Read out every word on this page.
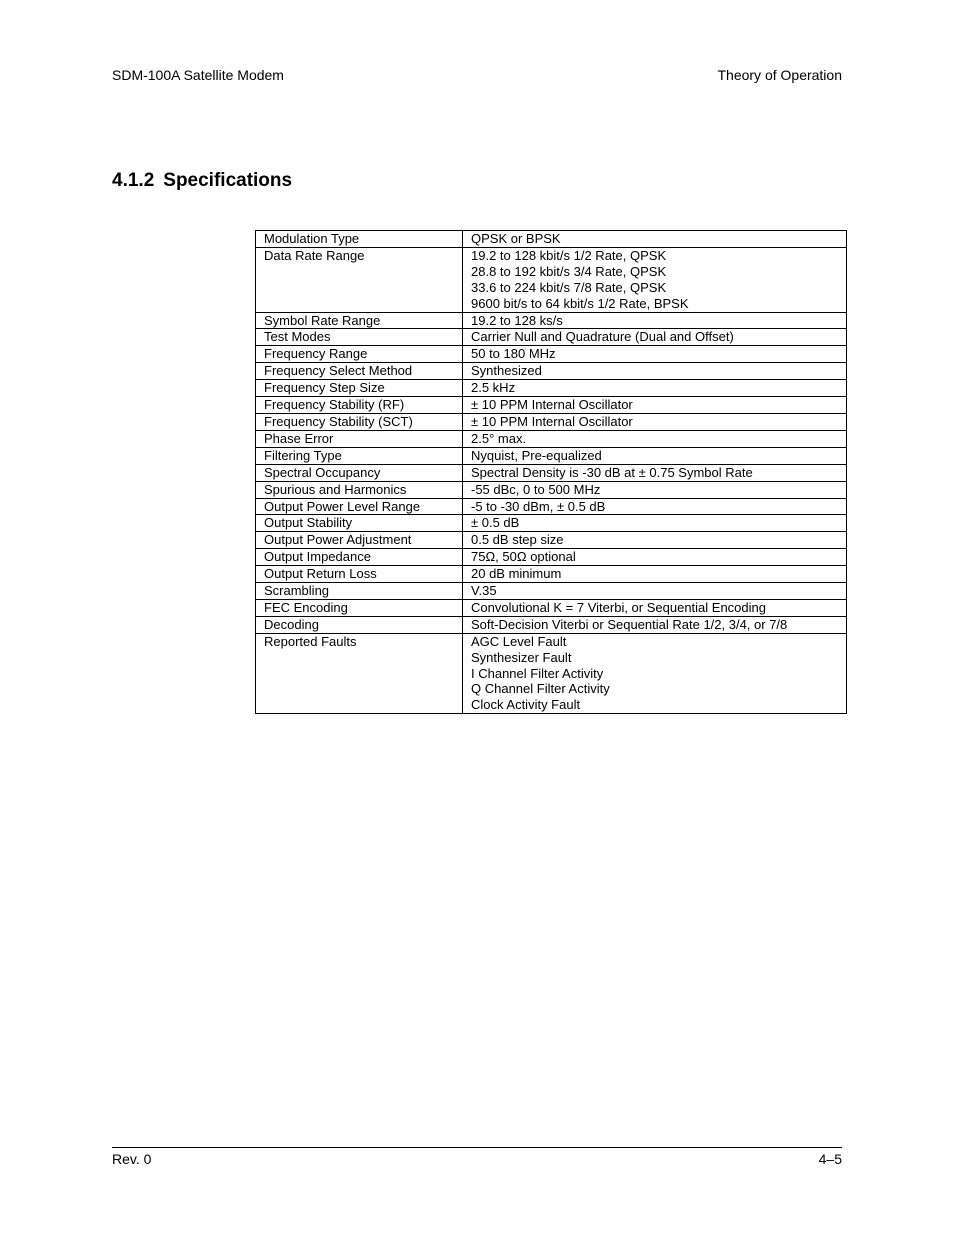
SDM-100A Satellite Modem	Theory of Operation
4.1.2 Specifications
Modulation Type	QPSK or BPSK

Data Rate Range	19.2 to 128 kbit/s 1/2 Rate, QPSK
28.8 to 192 kbit/s 3/4 Rate, QPSK
33.6 to 224 kbit/s 7/8 Rate, QPSK
9600 bit/s to 64 kbit/s 1/2 Rate, BPSK

Symbol Rate Range	19.2 to 128 ks/s

Test Modes	Carrier Null and Quadrature (Dual and Offset)

Frequency Range	50 to 180 MHz

Frequency Select Method	Synthesized

Frequency Step Size	2.5 kHz

Frequency Stability (RF)	± 10 PPM Internal Oscillator

Frequency Stability (SCT)	± 10 PPM Internal Oscillator

Phase Error	2.5° max.

Filtering Type	Nyquist, Pre-equalized

Spectral Occupancy	Spectral Density is -30 dB at ± 0.75 Symbol Rate

Spurious and Harmonics	-55 dBc, 0 to 500 MHz

Output Power Level Range	-5 to -30 dBm, ± 0.5 dB

Output Stability	± 0.5 dB

Output Power Adjustment	0.5 dB step size

Output Impedance	75Ω, 50Ω optional

Output Return Loss	20 dB minimum

Scrambling	V.35

FEC Encoding	Convolutional K = 7 Viterbi, or Sequential Encoding

Decoding	Soft-Decision Viterbi or Sequential Rate 1/2, 3/4, or 7/8

Reported Faults	AGC Level Fault
Synthesizer Fault
I Channel Filter Activity
Q Channel Filter Activity
Clock Activity Fault
Rev. 0	4–5
